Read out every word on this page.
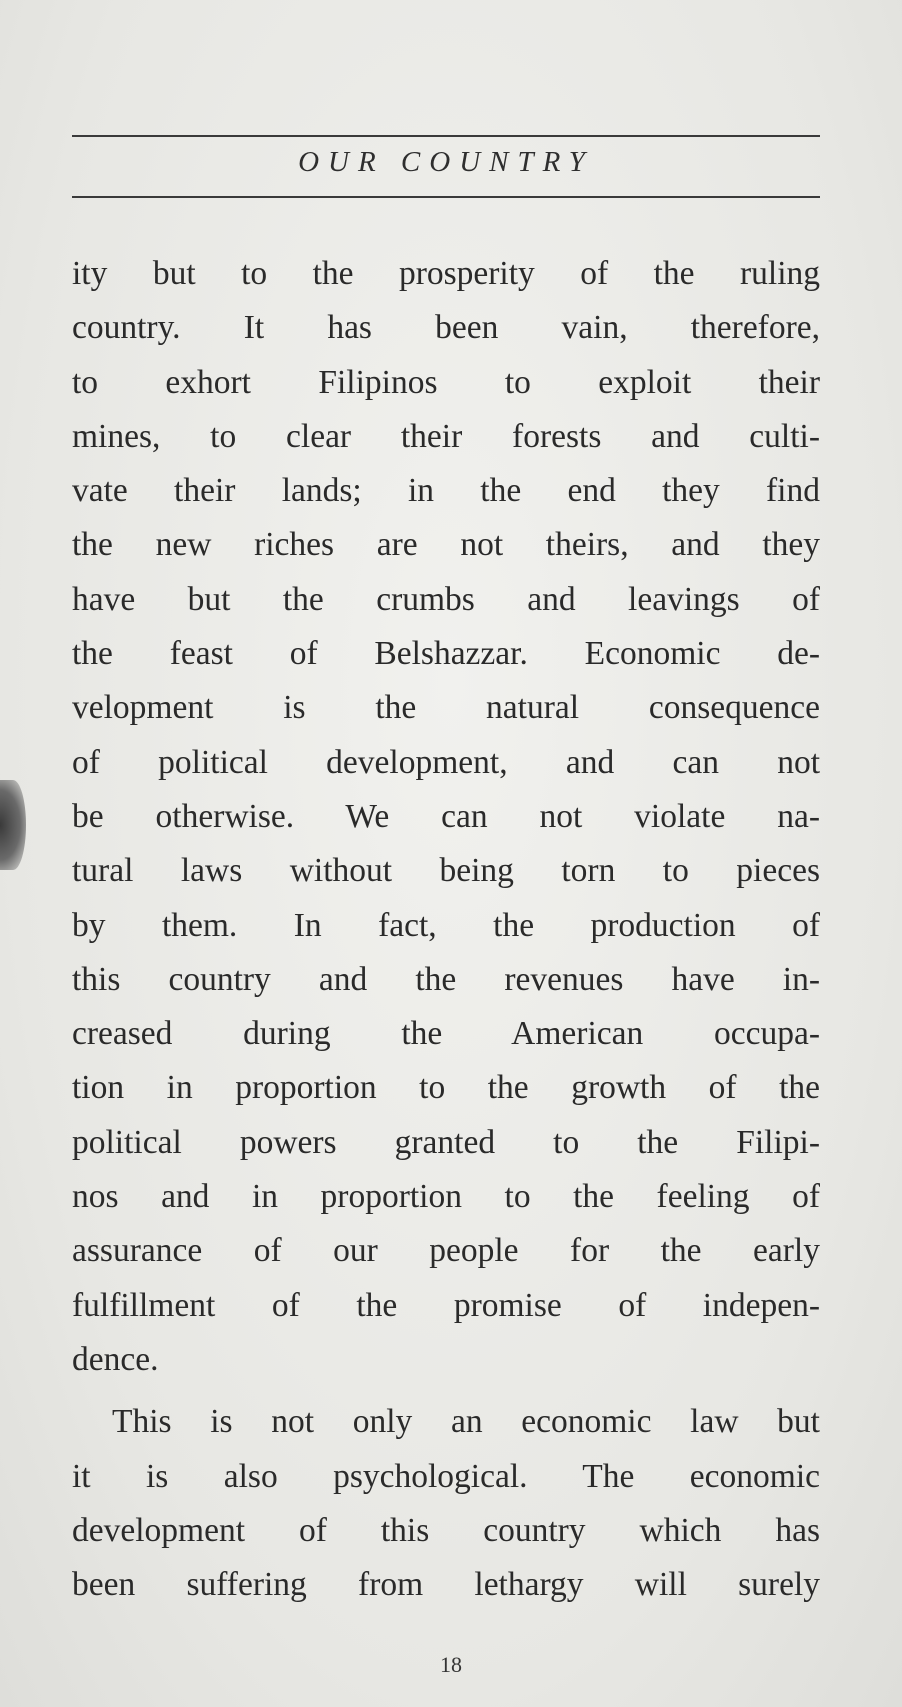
OUR COUNTRY
ity but to the prosperity of the ruling
country. It has been vain, therefore,
to exhort Filipinos to exploit their
mines, to clear their forests and culti-
vate their lands; in the end they find
the new riches are not theirs, and they
have but the crumbs and leavings of
the feast of Belshazzar. Economic de-
velopment is the natural consequence
of political development, and can not
be otherwise. We can not violate na-
tural laws without being torn to pieces
by them. In fact, the production of
this country and the revenues have in-
creased during the American occupa-
tion in proportion to the growth of the
political powers granted to the Filipi-
nos and in proportion to the feeling of
assurance of our people for the early
fulfillment of the promise of indepen-
dence.
This is not only an economic law but
it is also psychological. The economic
development of this country which has
been suffering from lethargy will surely
18
